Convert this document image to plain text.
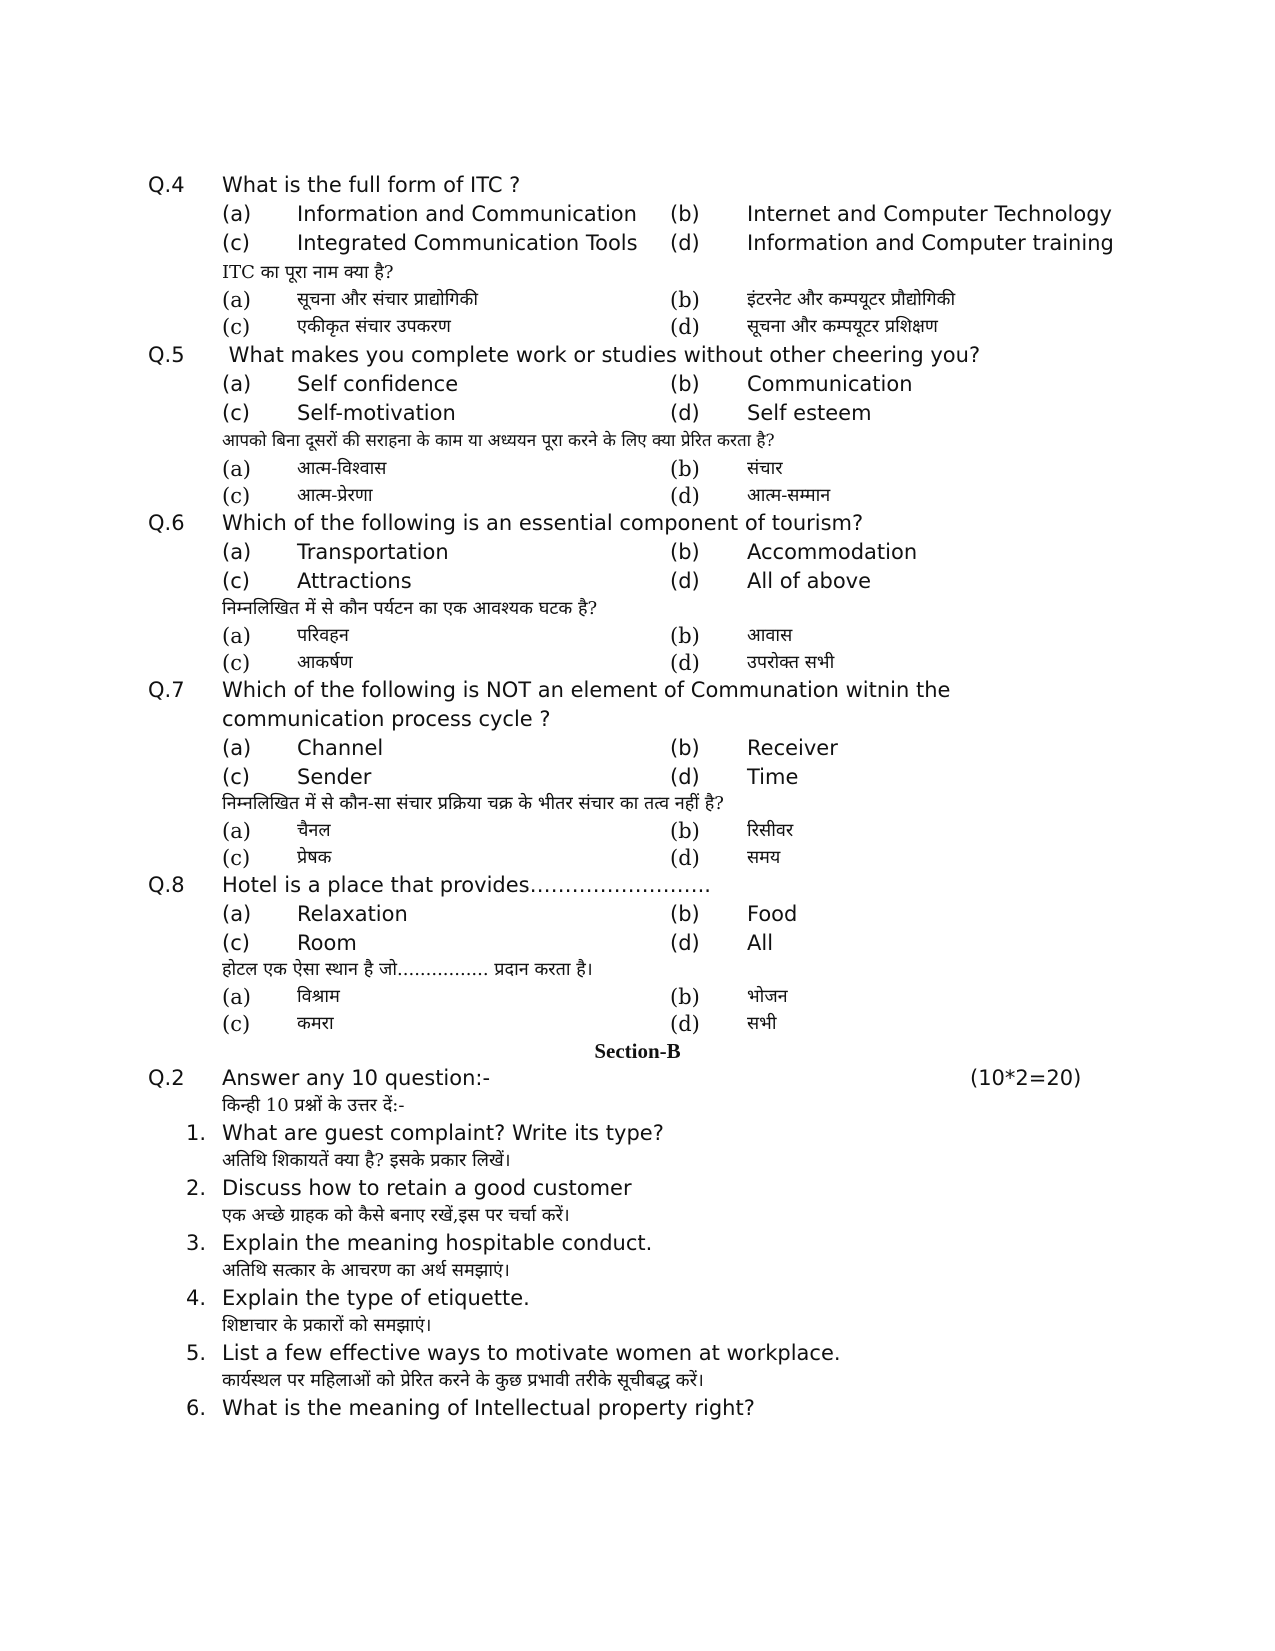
Q.4 What is the full form of ITC ?
(a) Information and Communication (b) Internet and Computer Technology
(c) Integrated Communication Tools (d) Information and Computer training
ITC का पूरा नाम क्या है?
(a)	सूचना और संचार प्राद्योगिकी	(b)	इंटरनेट और कम्पयूटर प्रौद्योगिकी
(c)	एकीकृत संचार उपकरण	(d)	सूचना और कम्पयूटर प्रशिक्षण
Q.5 What makes you complete work or studies without other cheering you?
(a) Self confidence	(b) Communication
(c) Self-motivation	(d) Self esteem
आपको बिना दूसरों की सराहना के काम या अध्ययन पूरा करने के लिए क्या प्रेरित करता है?
(a)	आत्म-विश्वास	(b)	संचार
(c)	आत्म-प्रेरणा	(d)	आत्म-सम्मान
Q.6 Which of the following is an essential component of tourism?
(a) Transportation	(b) Accommodation
(c) Attractions	(d) All of above
निम्नलिखित में से कौन पर्यटन का एक आवश्यक घटक है?
(a)	परिवहन	(b)	आवास
(c)	आकर्षण	(d)	उपरोक्त सभी
Q.7 Which of the following is NOT an element of Communation witnin the communication process cycle ?
(a) Channel	(b) Receiver
(c) Sender	(d) Time
निम्नलिखित में से कौन-सा संचार प्रक्रिया चक्र के भीतर संचार का तत्व नहीं है?
(a)	चैनल	(b)	रिसीवर
(c)	प्रेषक	(d)	समय
Q.8 Hotel is a place that provides……………………..
(a) Relaxation	(b) Food
(c) Room	(d) All
होटल एक ऐसा स्थान है जो................ प्रदान करता है।
(a)	विश्राम	(b)	भोजन
(c)	कमरा	(d)	सभी
Section-B
Q.2 Answer any 10 question:-	(10*2=20)
किन्ही 10 प्रश्नों के उत्तर दें:-
1. What are guest complaint? Write its type?
अतिथि शिकायतें क्या है? इसके प्रकार लिखें।
2. Discuss how to retain a good customer
एक अच्छे ग्राहक को कैसे बनाए रखें,इस पर चर्चा करें।
3. Explain the meaning hospitable conduct.
अतिथि सत्कार के आचरण का अर्थ समझाएं।
4. Explain the type of etiquette.
शिष्टाचार के प्रकारों को समझाएं।
5. List a few effective ways to motivate women at workplace.
कार्यस्थल पर महिलाओं को प्रेरित करने के कुछ प्रभावी तरीके सूचीबद्ध करें।
6. What is the meaning of Intellectual property right?
